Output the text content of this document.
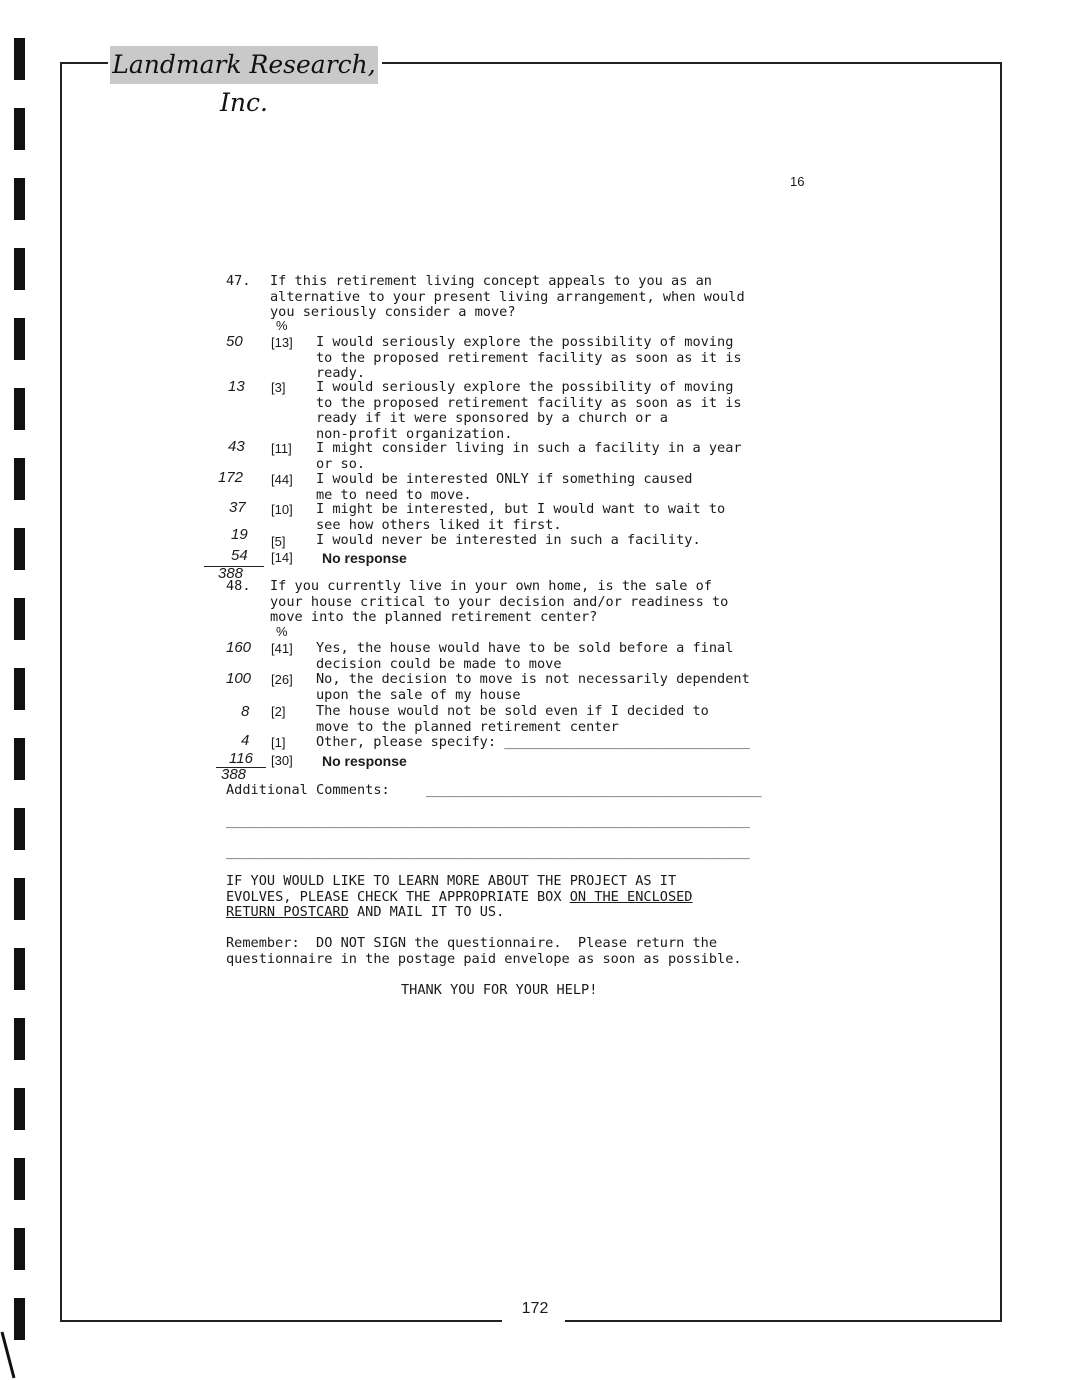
Landmark Research, Inc.
16
47. If this retirement living concept appeals to you as an
alternative to your present living arrangement, when would
you seriously consider a move?
%
50 [13] I would seriously explore the possibility of moving
to the proposed retirement facility as soon as it is
ready.
13 [3] I would seriously explore the possibility of moving
to the proposed retirement facility as soon as it is
ready if it were sponsored by a church or a
non-profit organization.
43 [11] I might consider living in such a facility in a year
or so.
172 [44] I would be interested ONLY if something caused
me to need to move.
37 [10] I might be interested, but I would want to wait to
see how others liked it first.
19 [5] I would never be interested in such a facility.
54 [14] No response
388
48. If you currently live in your own home, is the sale of
your house critical to your decision and/or readiness to
move into the planned retirement center?
%
160 [41] Yes, the house would have to be sold before a final
decision could be made to move
100 [26] No, the decision to move is not necessarily dependent
upon the sale of my house
8 [2] The house would not be sold even if I decided to
move to the planned retirement center
4 [1] Other, please specify: ______________________________
116 [30] No response
388
Additional Comments:	_________________________________________
________________________________________________________________
________________________________________________________________
IF YOU WOULD LIKE TO LEARN MORE ABOUT THE PROJECT AS IT
EVOLVES, PLEASE CHECK THE APPROPRIATE BOX ON THE ENCLOSED
RETURN POSTCARD AND MAIL IT TO US.
Remember:  DO NOT SIGN the questionnaire.  Please return the
questionnaire in the postage paid envelope as soon as possible.
THANK YOU FOR YOUR HELP!
172
